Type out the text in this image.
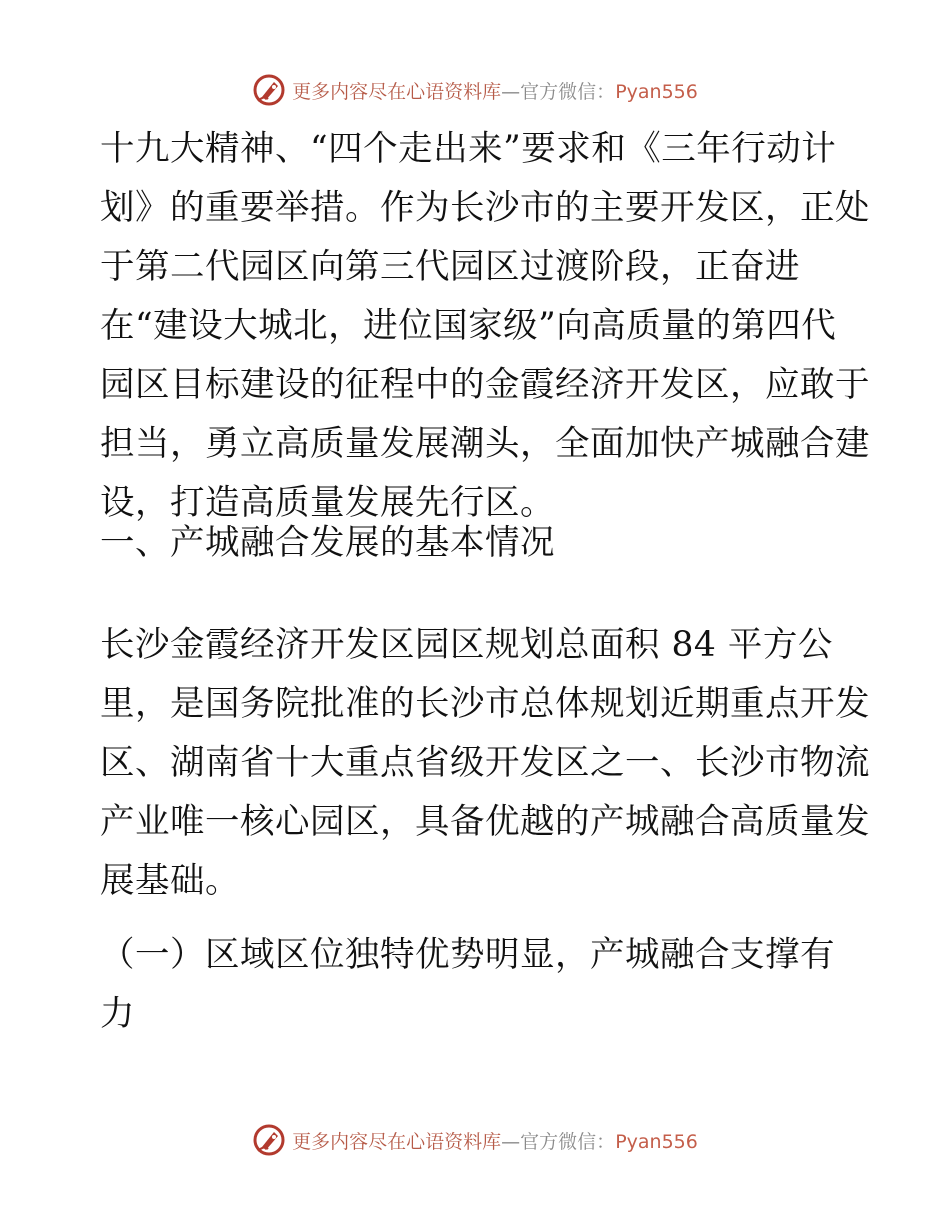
更多内容尽在心语资料库—官方微信：Pyan556
十九大精神、“四个走出来”要求和《三年行动计
划》的重要举措。作为长沙市的主要开发区，正处
于第二代园区向第三代园区过渡阶段，正奋进
在“建设大城北，进位国家级”向高质量的第四代
园区目标建设的征程中的金霞经济开发区，应敢于
担当，勇立高质量发展潮头，全面加快产城融合建
设，打造高质量发展先行区。
一、产城融合发展的基本情况
长沙金霞经济开发区园区规划总面积 84 平方公
里，是国务院批准的长沙市总体规划近期重点开发
区、湖南省十大重点省级开发区之一、长沙市物流
产业唯一核心园区，具备优越的产城融合高质量发
展基础。
（一）区域区位独特优势明显，产城融合支撑有
力
更多内容尽在心语资料库—官方微信：Pyan556
